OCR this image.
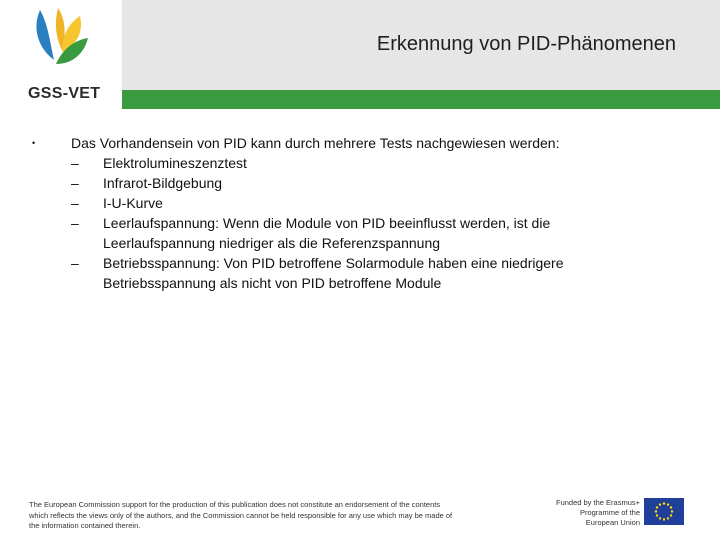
GSS-VET
Erkennung von PID-Phänomenen
•	Das Vorhandensein von PID kann durch mehrere Tests nachgewiesen werden:
–	Elektrolumineszenztest
–	Infrarot-Bildgebung
–	I-U-Kurve
–	Leerlaufspannung: Wenn die Module von PID beeinflusst werden, ist die Leerlaufspannung niedriger als die Referenzspannung
–	Betriebsspannung: Von PID betroffene Solarmodule haben eine niedrigere Betriebsspannung als nicht von PID betroffene Module
The European Commission support for the production of this publication does not constitute an endorsement of the contents which reflects the views only of the authors, and the Commission cannot be held responsible for any use which may be made of the information contained therein.
Funded by the Erasmus+ Programme of the European Union
